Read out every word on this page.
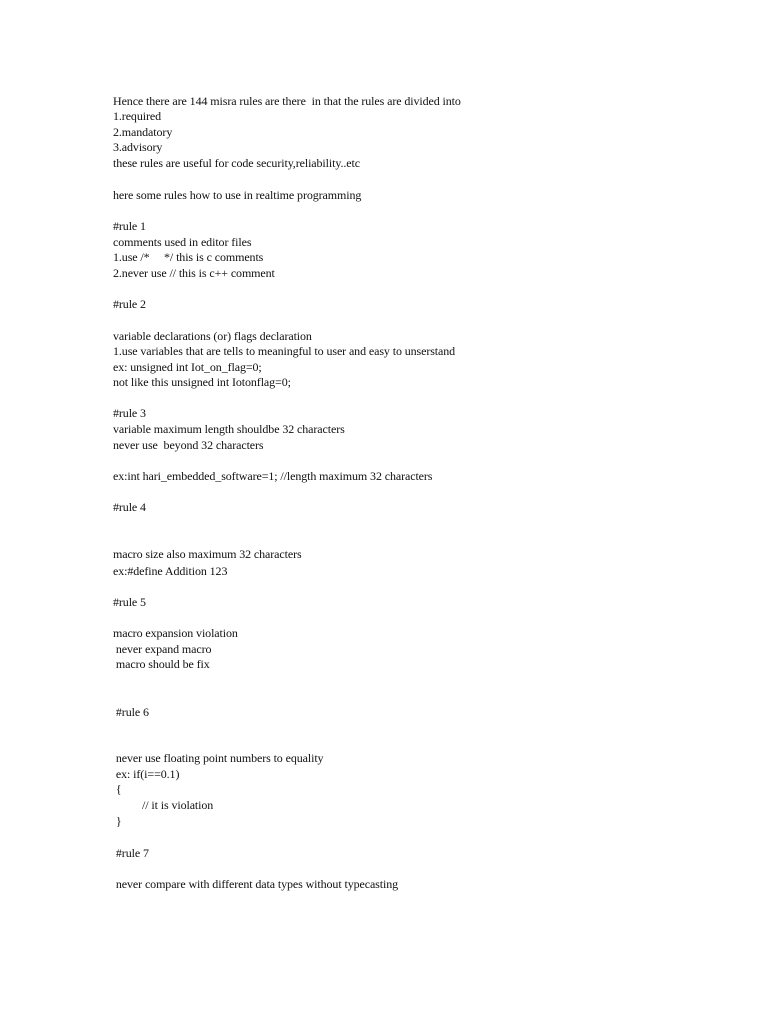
Hence there are 144 misra rules are there  in that the rules are divided into
1.required
2.mandatory
3.advisory
these rules are useful for code security,reliability..etc
here some rules how to use in realtime programming
#rule 1
comments used in editor files
1.use /*     */ this is c comments
2.never use // this is c++ comment
#rule 2
variable declarations (or) flags declaration
1.use variables that are tells to meaningful to user and easy to unserstand
ex: unsigned int Iot_on_flag=0;
not like this unsigned int Iotonflag=0;
#rule 3
variable maximum length shouldbe 32 characters
never use  beyond 32 characters
ex:int hari_embedded_software=1; //length maximum 32 characters
#rule 4
macro size also maximum 32 characters
ex:#define Addition 123
#rule 5
macro expansion violation
never expand macro
macro should be fix
#rule 6
never use floating point numbers to equality
ex: if(i==0.1)
{
// it is violation
}
#rule 7
never compare with different data types without typecasting
